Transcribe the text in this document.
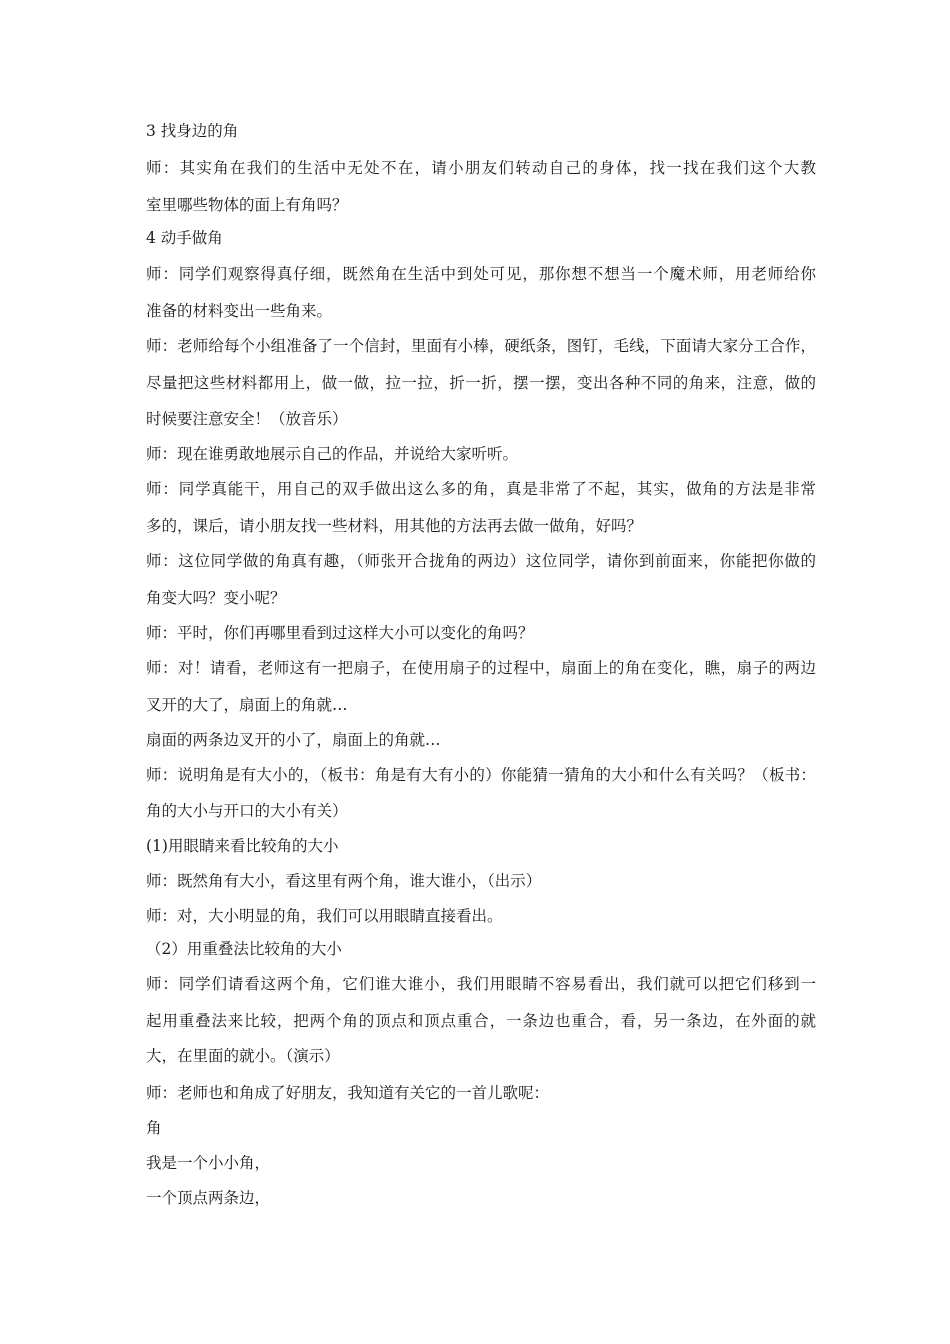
3 找身边的角
师：其实角在我们的生活中无处不在，请小朋友们转动自己的身体，找一找在我们这个大教
室里哪些物体的面上有角吗？
4 动手做角
师：同学们观察得真仔细，既然角在生活中到处可见，那你想不想当一个魔术师，用老师给你
准备的材料变出一些角来。
师：老师给每个小组准备了一个信封，里面有小棒，硬纸条，图钉，毛线，下面请大家分工合作，
尽量把这些材料都用上，做一做，拉一拉，折一折，摆一摆，变出各种不同的角来，注意，做的
时候要注意安全！（放音乐）
师：现在谁勇敢地展示自己的作品，并说给大家听听。
师：同学真能干，用自己的双手做出这么多的角，真是非常了不起，其实，做角的方法是非常
多的，课后，请小朋友找一些材料，用其他的方法再去做一做角，好吗？
师：这位同学做的角真有趣，（师张开合拢角的两边）这位同学，请你到前面来，你能把你做的
角变大吗？变小呢？
师：平时，你们再哪里看到过这样大小可以变化的角吗？
师：对！请看，老师这有一把扇子，在使用扇子的过程中，扇面上的角在变化，瞧，扇子的两边
叉开的大了，扇面上的角就…
扇面的两条边叉开的小了，扇面上的角就…
师：说明角是有大小的，（板书：角是有大有小的）你能猜一猜角的大小和什么有关吗？（板书：
角的大小与开口的大小有关）
(1)用眼睛来看比较角的大小
师：既然角有大小，看这里有两个角，谁大谁小，（出示）
师：对，大小明显的角，我们可以用眼睛直接看出。
（2）用重叠法比较角的大小
师：同学们请看这两个角，它们谁大谁小，我们用眼睛不容易看出，我们就可以把它们移到一
起用重叠法来比较，把两个角的顶点和顶点重合，一条边也重合，看，另一条边，在外面的就
大，在里面的就小。（演示）
师：老师也和角成了好朋友，我知道有关它的一首儿歌呢：
角
我是一个小小角，
一个顶点两条边，
